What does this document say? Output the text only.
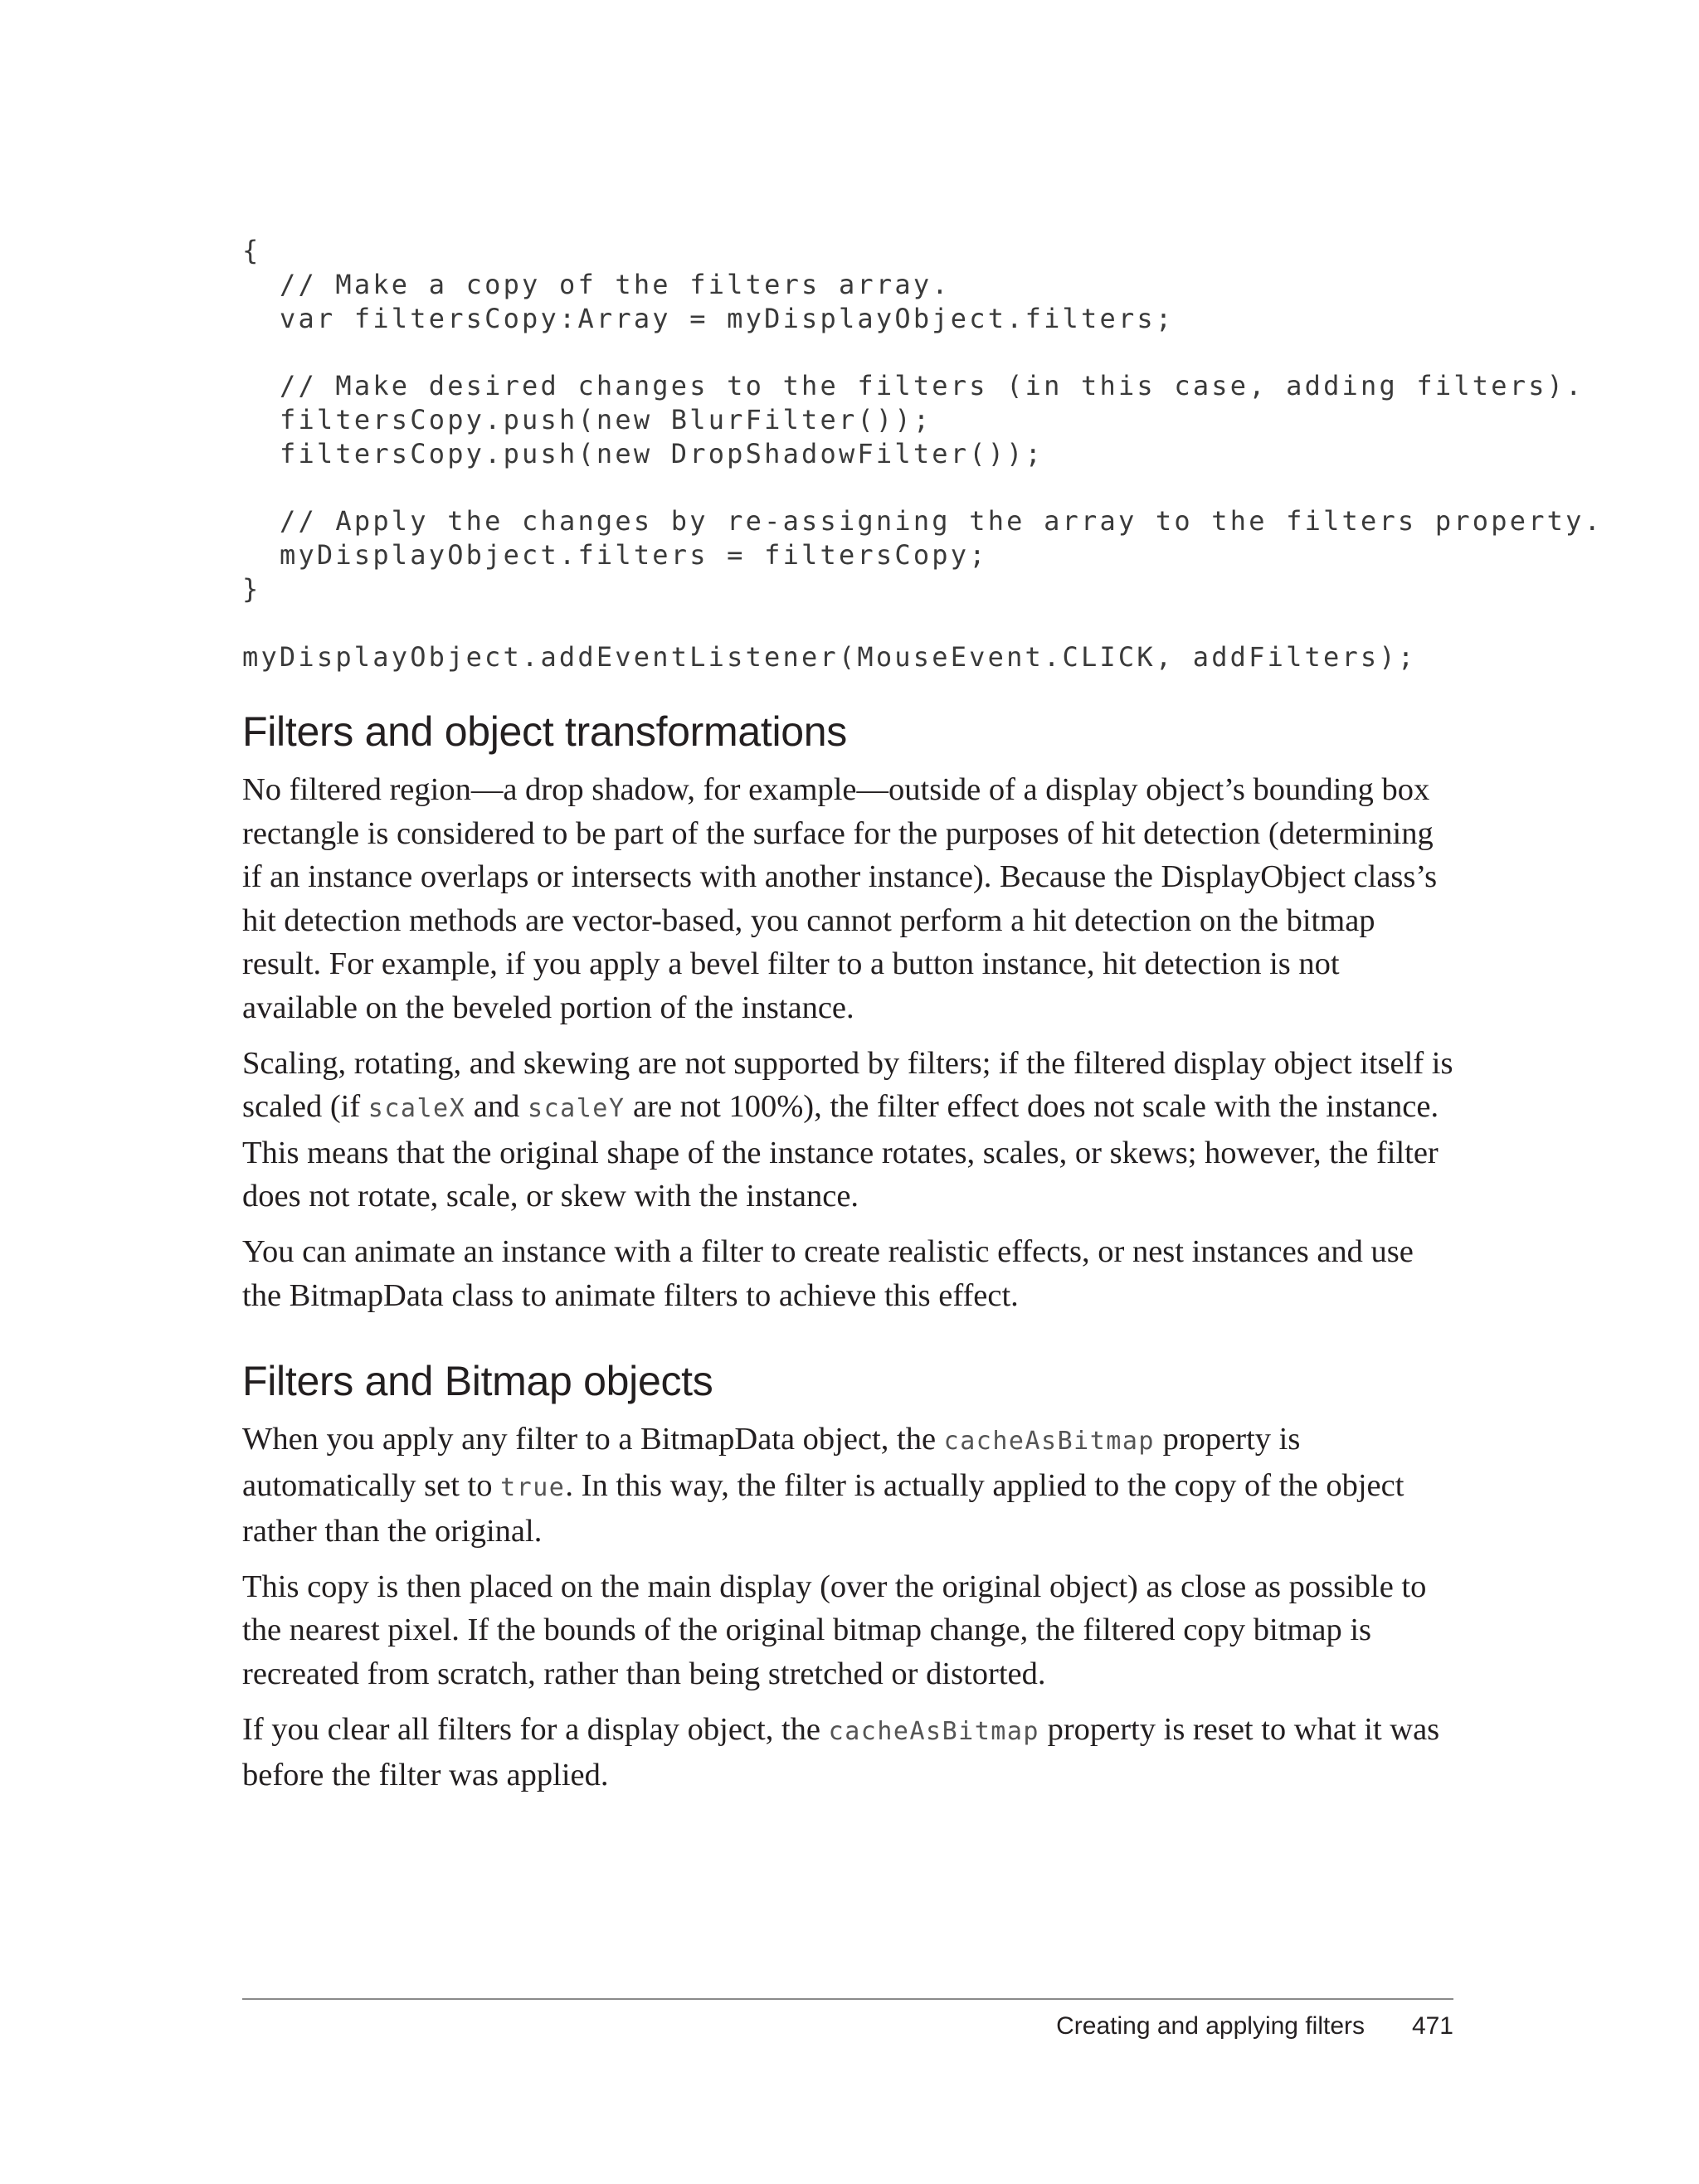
{
// Make a copy of the filters array.
var filtersCopy:Array = myDisplayObject.filters;
// Make desired changes to the filters (in this case, adding filters).
filtersCopy.push(new BlurFilter());
filtersCopy.push(new DropShadowFilter());
// Apply the changes by re-assigning the array to the filters property.
myDisplayObject.filters = filtersCopy;
}
myDisplayObject.addEventListener(MouseEvent.CLICK, addFilters);
Filters and object transformations

No filtered region—a drop shadow, for example—outside of a display object’s bounding box rectangle is considered to be part of the surface for the purposes of hit detection (determining if an instance overlaps or intersects with another instance). Because the DisplayObject class’s hit detection methods are vector-based, you cannot perform a hit detection on the bitmap result. For example, if you apply a bevel filter to a button instance, hit detection is not available on the beveled portion of the instance.

Scaling, rotating, and skewing are not supported by filters; if the filtered display object itself is scaled (if scaleX and scaleY are not 100%), the filter effect does not scale with the instance. This means that the original shape of the instance rotates, scales, or skews; however, the filter does not rotate, scale, or skew with the instance.

You can animate an instance with a filter to create realistic effects, or nest instances and use the BitmapData class to animate filters to achieve this effect.

Filters and Bitmap objects

When you apply any filter to a BitmapData object, the cacheAsBitmap property is automatically set to true. In this way, the filter is actually applied to the copy of the object rather than the original.

This copy is then placed on the main display (over the original object) as close as possible to the nearest pixel. If the bounds of the original bitmap change, the filtered copy bitmap is recreated from scratch, rather than being stretched or distorted.

If you clear all filters for a display object, the cacheAsBitmap property is reset to what it was before the filter was applied.

Creating and applying filters 471
